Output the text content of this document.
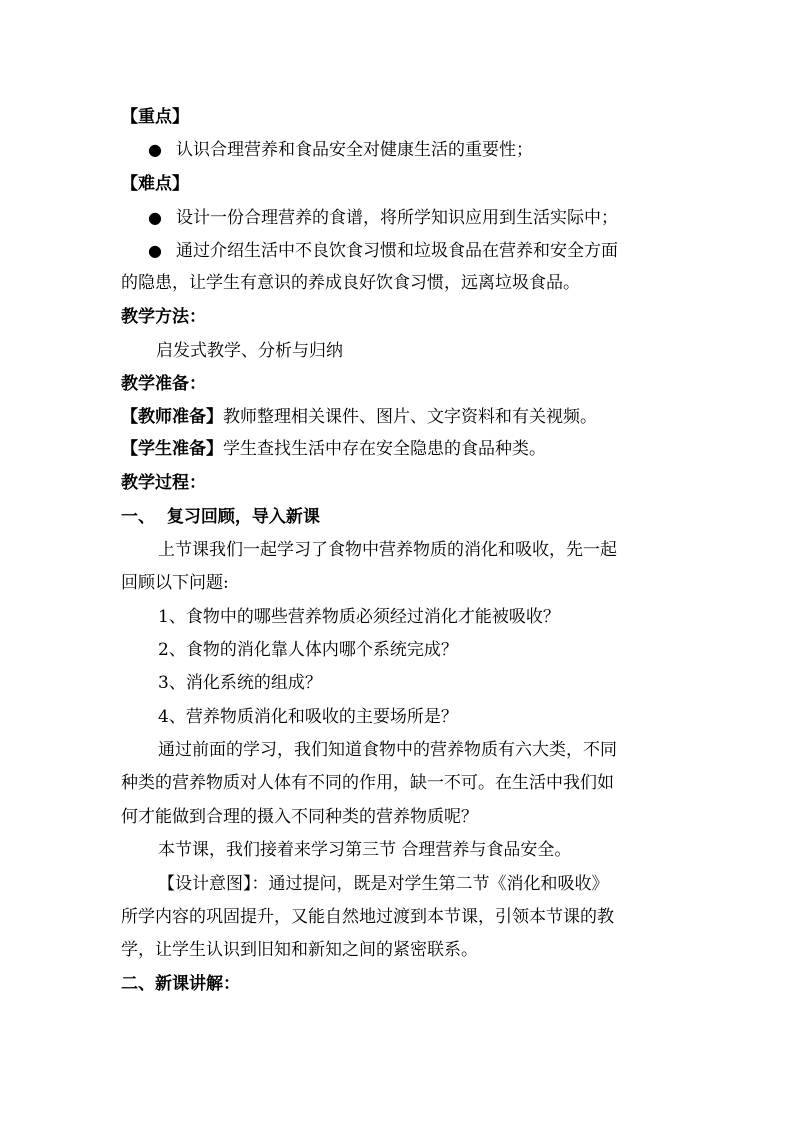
【重点】
● 认识合理营养和食品安全对健康生活的重要性；
【难点】
● 设计一份合理营养的食谱，将所学知识应用到生活实际中；
● 通过介绍生活中不良饮食习惯和垃圾食品在营养和安全方面
的隐患，让学生有意识的养成良好饮食习惯，远离垃圾食品。
教学方法：
启发式教学、分析与归纳
教学准备：
【教师准备】教师整理相关课件、图片、文字资料和有关视频。
【学生准备】学生查找生活中存在安全隐患的食品种类。
教学过程：
一、  复习回顾，导入新课
上节课我们一起学习了食物中营养物质的消化和吸收，先一起
回顾以下问题:
1、食物中的哪些营养物质必须经过消化才能被吸收？
2、食物的消化靠人体内哪个系统完成？
3、消化系统的组成？
4、营养物质消化和吸收的主要场所是？
通过前面的学习，我们知道食物中的营养物质有六大类，不同
种类的营养物质对人体有不同的作用，缺一不可。在生活中我们如
何才能做到合理的摄入不同种类的营养物质呢？
本节课，我们接着来学习第三节 合理营养与食品安全。
【设计意图】：通过提问，既是对学生第二节《消化和吸收》
所学内容的巩固提升，又能自然地过渡到本节课，引领本节课的教
学，让学生认识到旧知和新知之间的紧密联系。
二、新课讲解：
